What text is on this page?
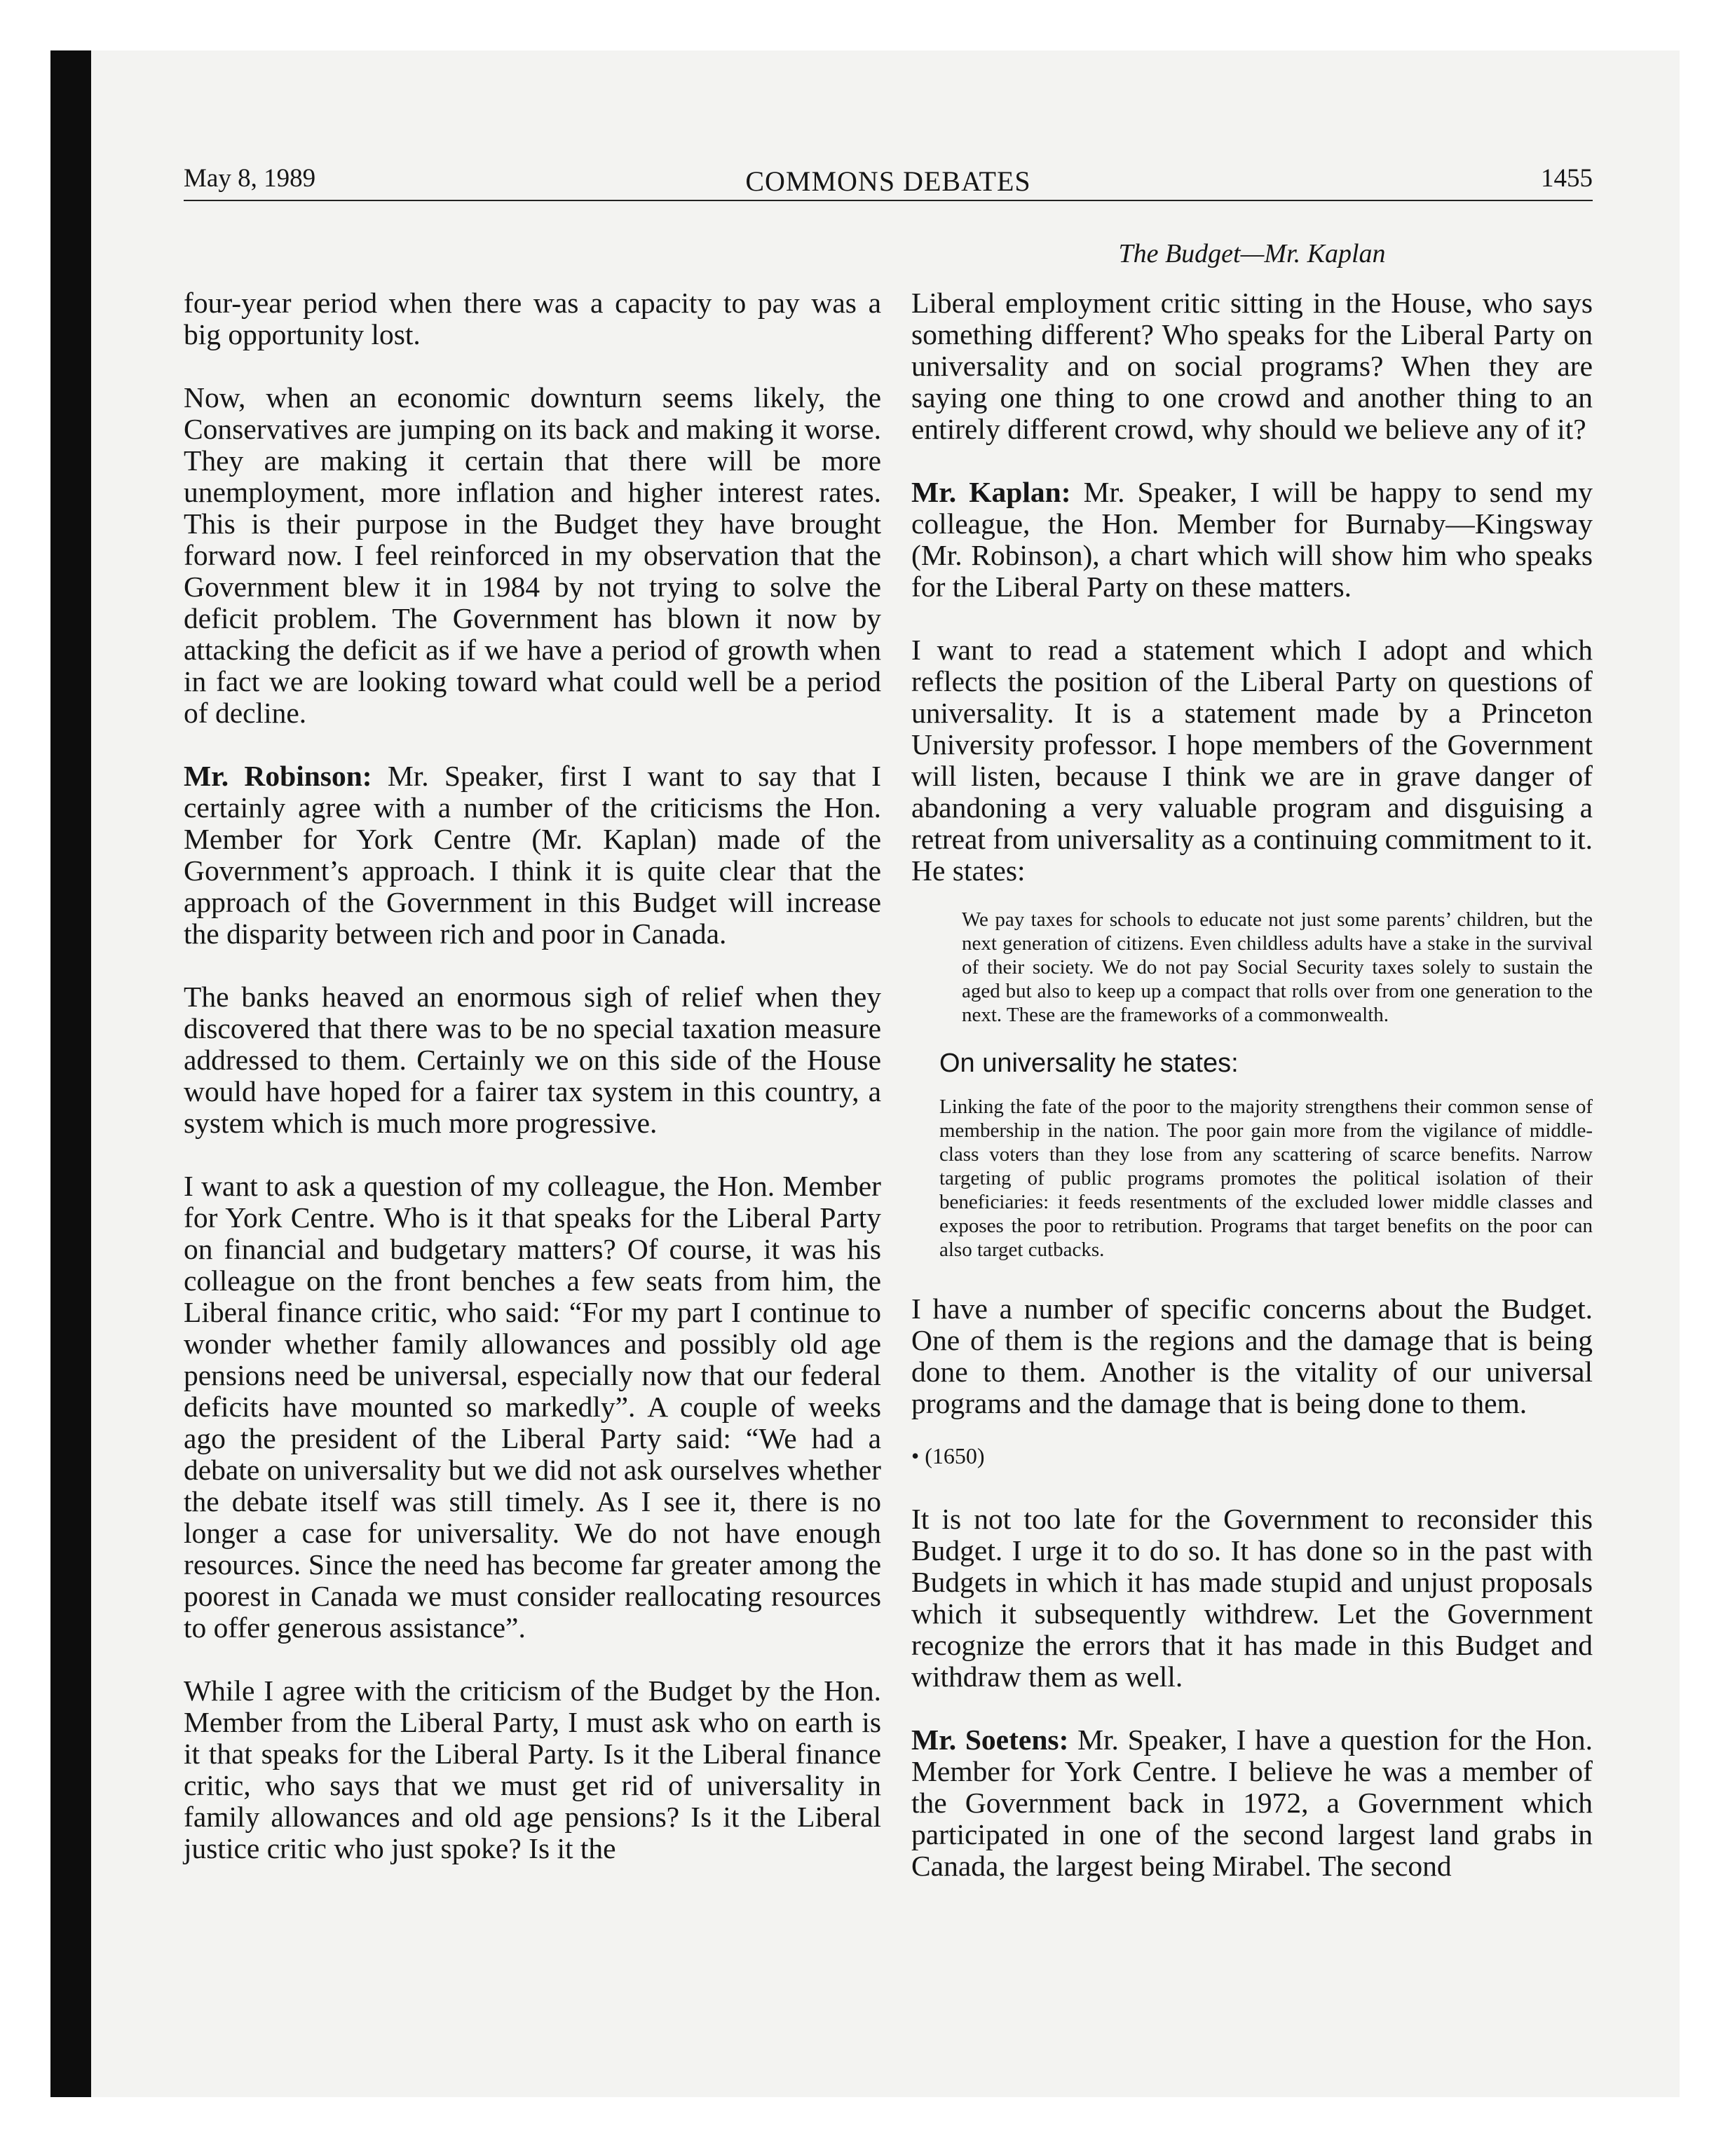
May 8, 1989	COMMONS DEBATES	1455
The Budget—Mr. Kaplan

four-year period when there was a capacity to pay was a big opportunity lost.

Now, when an economic downturn seems likely, the Conservatives are jumping on its back and making it worse. They are making it certain that there will be more unemployment, more inflation and higher interest rates. This is their purpose in the Budget they have brought forward now. I feel reinforced in my observation that the Government blew it in 1984 by not trying to solve the deficit problem. The Government has blown it now by attacking the deficit as if we have a period of growth when in fact we are looking toward what could well be a period of decline.

Mr. Robinson: Mr. Speaker, first I want to say that I certainly agree with a number of the criticisms the Hon. Member for York Centre (Mr. Kaplan) made of the Government’s approach. I think it is quite clear that the approach of the Government in this Budget will increase the disparity between rich and poor in Canada.

The banks heaved an enormous sigh of relief when they discovered that there was to be no special taxation measure addressed to them. Certainly we on this side of the House would have hoped for a fairer tax system in this country, a system which is much more progressive.

I want to ask a question of my colleague, the Hon. Member for York Centre. Who is it that speaks for the Liberal Party on financial and budgetary matters? Of course, it was his colleague on the front benches a few seats from him, the Liberal finance critic, who said: “For my part I continue to wonder whether family allowances and possibly old age pensions need be universal, especially now that our federal deficits have mounted so markedly”. A couple of weeks ago the president of the Liberal Party said: “We had a debate on universality but we did not ask ourselves whether the debate itself was still timely. As I see it, there is no longer a case for universality. We do not have enough resources. Since the need has become far greater among the poorest in Canada we must consider reallocating resources to offer generous assistance”.

While I agree with the criticism of the Budget by the Hon. Member from the Liberal Party, I must ask who on earth is it that speaks for the Liberal Party. Is it the Liberal finance critic, who says that we must get rid of universality in family allowances and old age pensions? Is it the Liberal justice critic who just spoke? Is it the

Liberal employment critic sitting in the House, who says something different? Who speaks for the Liberal Party on universality and on social programs? When they are saying one thing to one crowd and another thing to an entirely different crowd, why should we believe any of it?

Mr. Kaplan: Mr. Speaker, I will be happy to send my colleague, the Hon. Member for Burnaby—Kingsway (Mr. Robinson), a chart which will show him who speaks for the Liberal Party on these matters.

I want to read a statement which I adopt and which reflects the position of the Liberal Party on questions of universality. It is a statement made by a Princeton University professor. I hope members of the Government will listen, because I think we are in grave danger of abandoning a very valuable program and disguising a retreat from universality as a continuing commitment to it. He states:

We pay taxes for schools to educate not just some parents’ children, but the next generation of citizens. Even childless adults have a stake in the survival of their society. We do not pay Social Security taxes solely to sustain the aged but also to keep up a compact that rolls over from one generation to the next. These are the frameworks of a commonwealth.

On universality he states:

Linking the fate of the poor to the majority strengthens their common sense of membership in the nation. The poor gain more from the vigilance of middle-class voters than they lose from any scattering of scarce benefits. Narrow targeting of public programs promotes the political isolation of their beneficiaries: it feeds resentments of the excluded lower middle classes and exposes the poor to retribution. Programs that target benefits on the poor can also target cutbacks.

I have a number of specific concerns about the Budget. One of them is the regions and the damage that is being done to them. Another is the vitality of our universal programs and the damage that is being done to them.

• (1650)

It is not too late for the Government to reconsider this Budget. I urge it to do so. It has done so in the past with Budgets in which it has made stupid and unjust proposals which it subsequently withdrew. Let the Government recognize the errors that it has made in this Budget and withdraw them as well.

Mr. Soetens: Mr. Speaker, I have a question for the Hon. Member for York Centre. I believe he was a member of the Government back in 1972, a Government which participated in one of the second largest land grabs in Canada, the largest being Mirabel. The second
